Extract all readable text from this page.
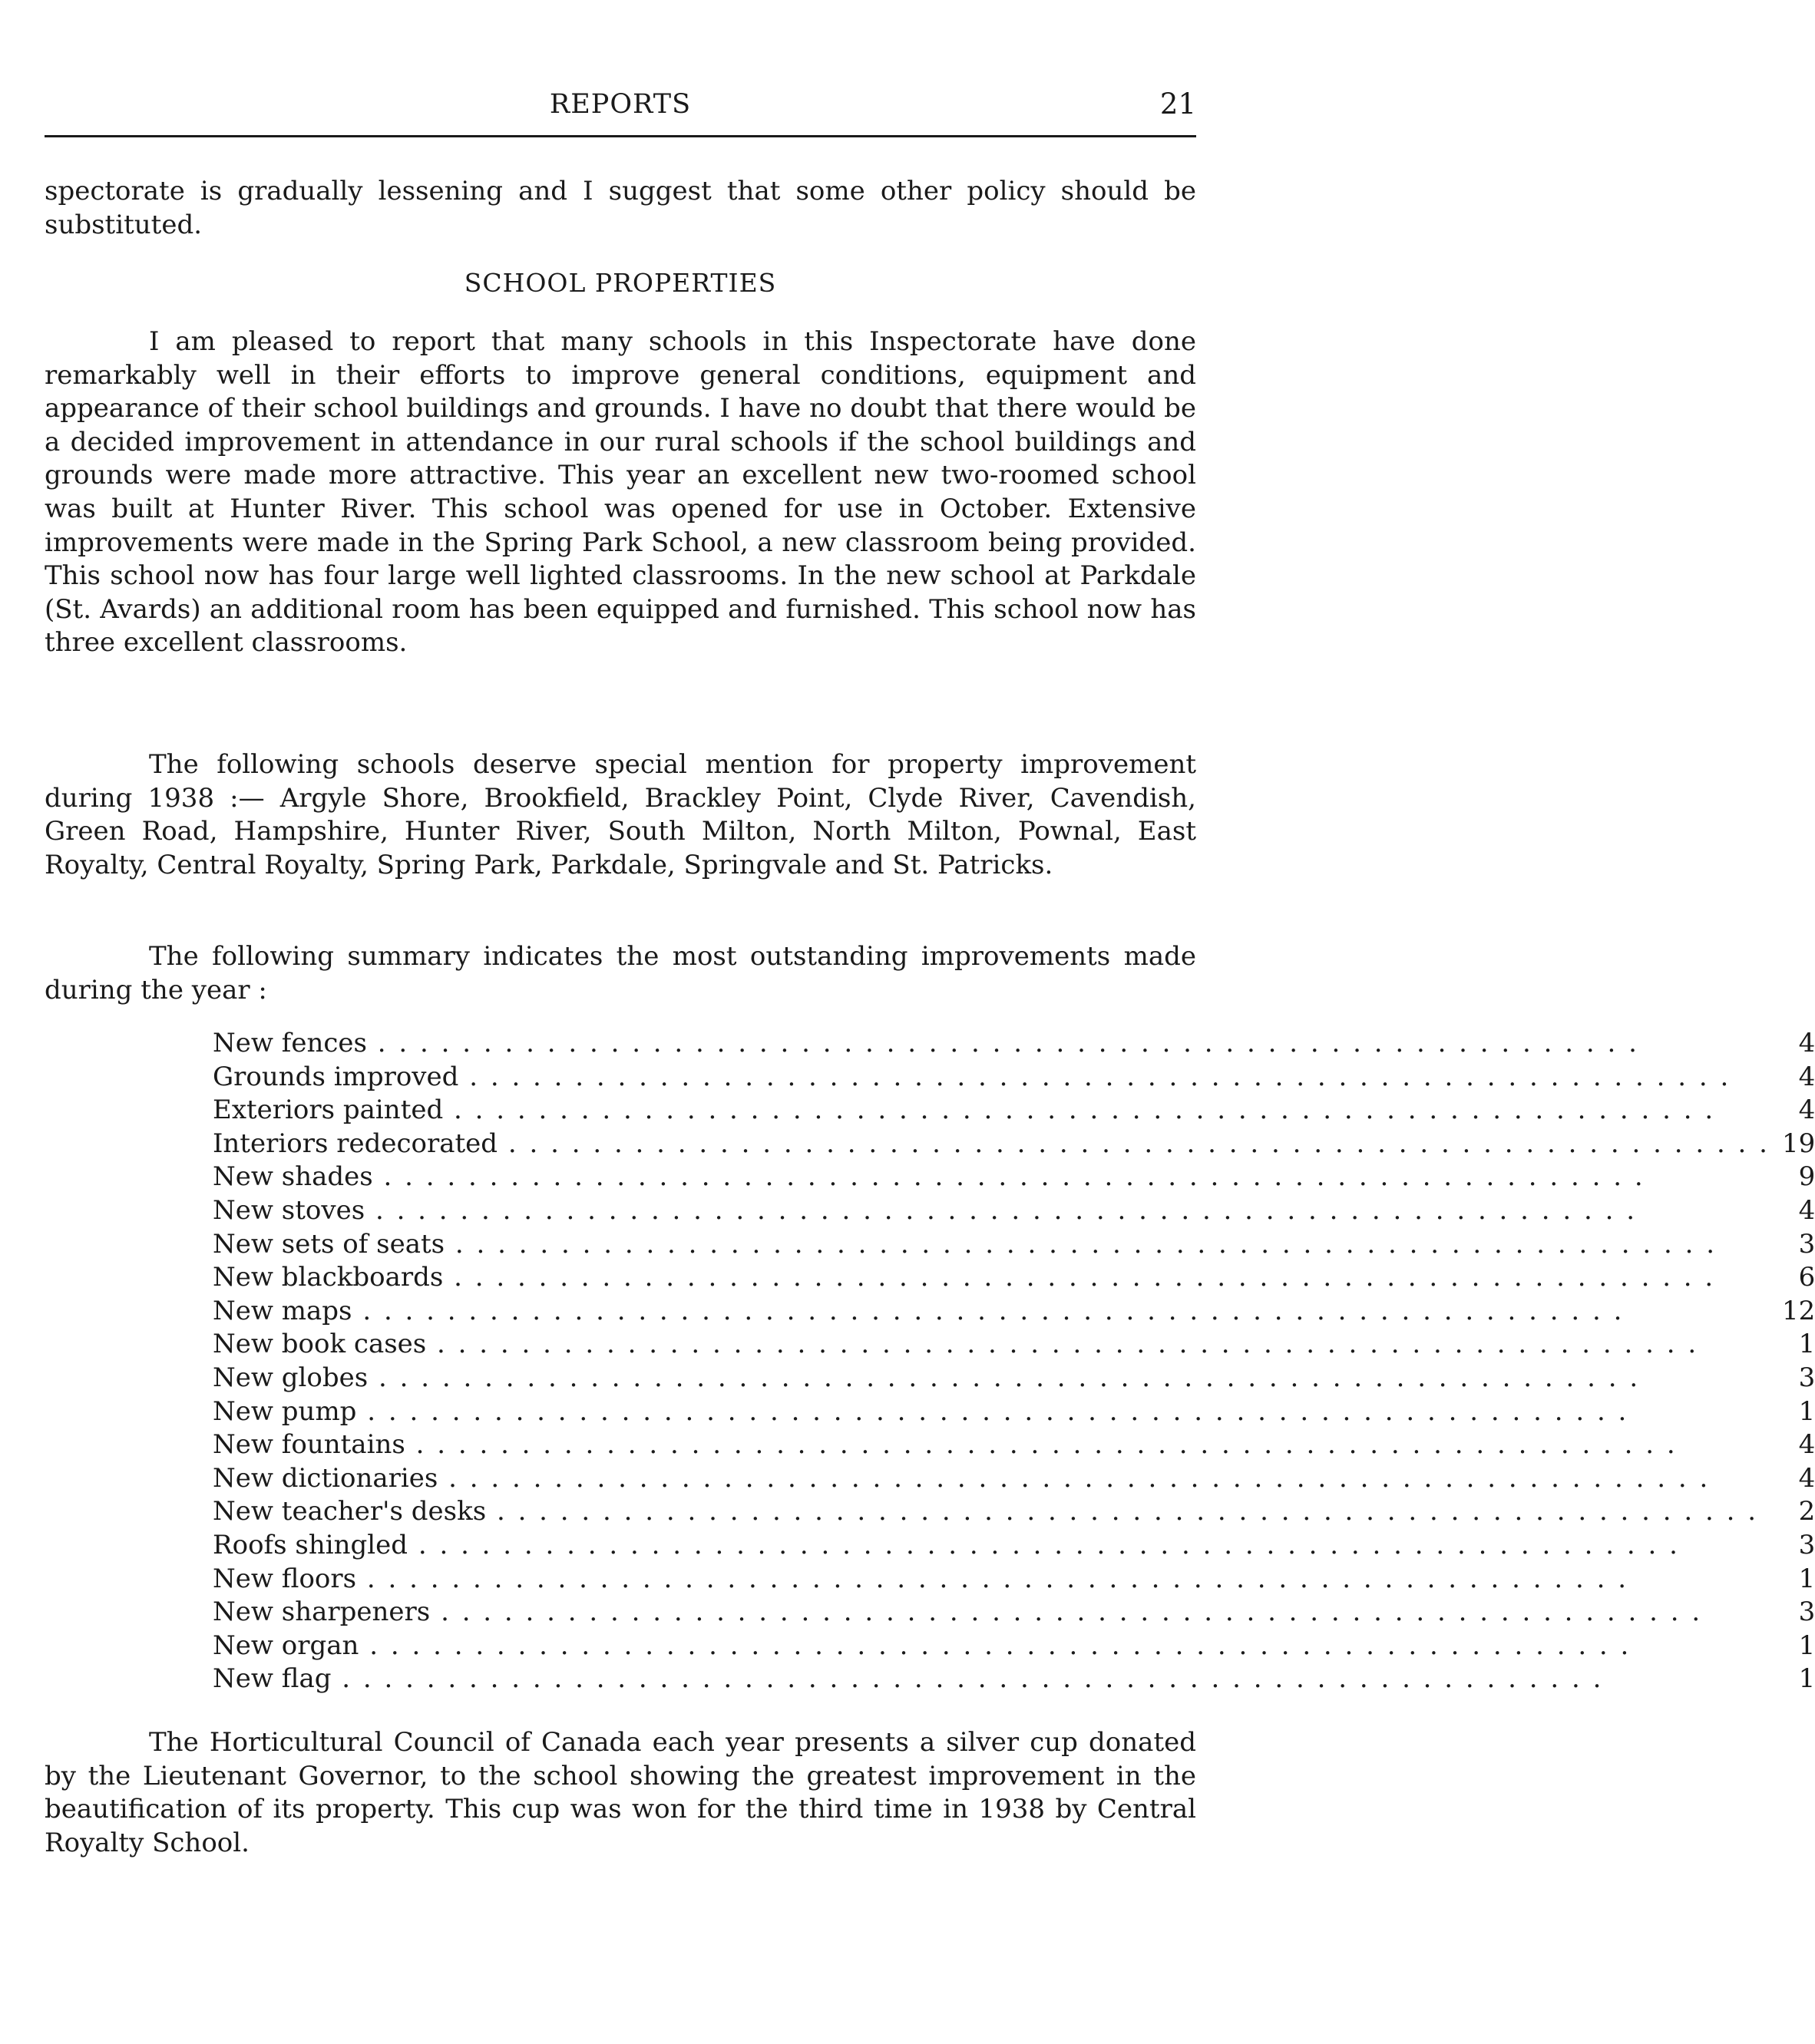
REPORTS	21

spectorate is gradually lessening and I suggest that some other policy should be substituted.

SCHOOL PROPERTIES

I am pleased to report that many schools in this Inspectorate have done remarkably well in their efforts to improve general conditions, equipment and appearance of their school buildings and grounds. I have no doubt that there would be a decided improvement in attendance in our rural schools if the school buildings and grounds were made more attractive. This year an excellent new two-roomed school was built at Hunter River. This school was opened for use in October. Extensive improvements were made in the Spring Park School, a new classroom being provided. This school now has four large well lighted classrooms. In the new school at Parkdale (St. Avards) an additional room has been equipped and furnished. This school now has three excellent classrooms.

The following schools deserve special mention for property improvement during 1938 :— Argyle Shore, Brookfield, Brackley Point, Clyde River, Cavendish, Green Road, Hampshire, Hunter River, South Milton, North Milton, Pownal, East Royalty, Central Royalty, Spring Park, Parkdale, Springvale and St. Patricks.

The following summary indicates the most outstanding improvements made during the year :

New fences . . .	4
Grounds improved . . .	4
Exteriors painted . . .	4
Interiors redecorated . . .	19
New shades . . .	9
New stoves . . .	4
New sets of seats . . .	3
New blackboards . . .	6
New maps . . .	12
New book cases . . .	1
New globes . . .	3
New pump . . .	1
New fountains . . .	4
New dictionaries . . .	4
New teacher's desks . . .	2
Roofs shingled . . .	3
New floors . . .	1
New sharpeners . . .	3
New organ . . .	1
New flag . . .	1

The Horticultural Council of Canada each year presents a silver cup donated by the Lieutenant Governor, to the school showing the greatest improvement in the beautification of its property. This cup was won for the third time in 1938 by Central Royalty School.
